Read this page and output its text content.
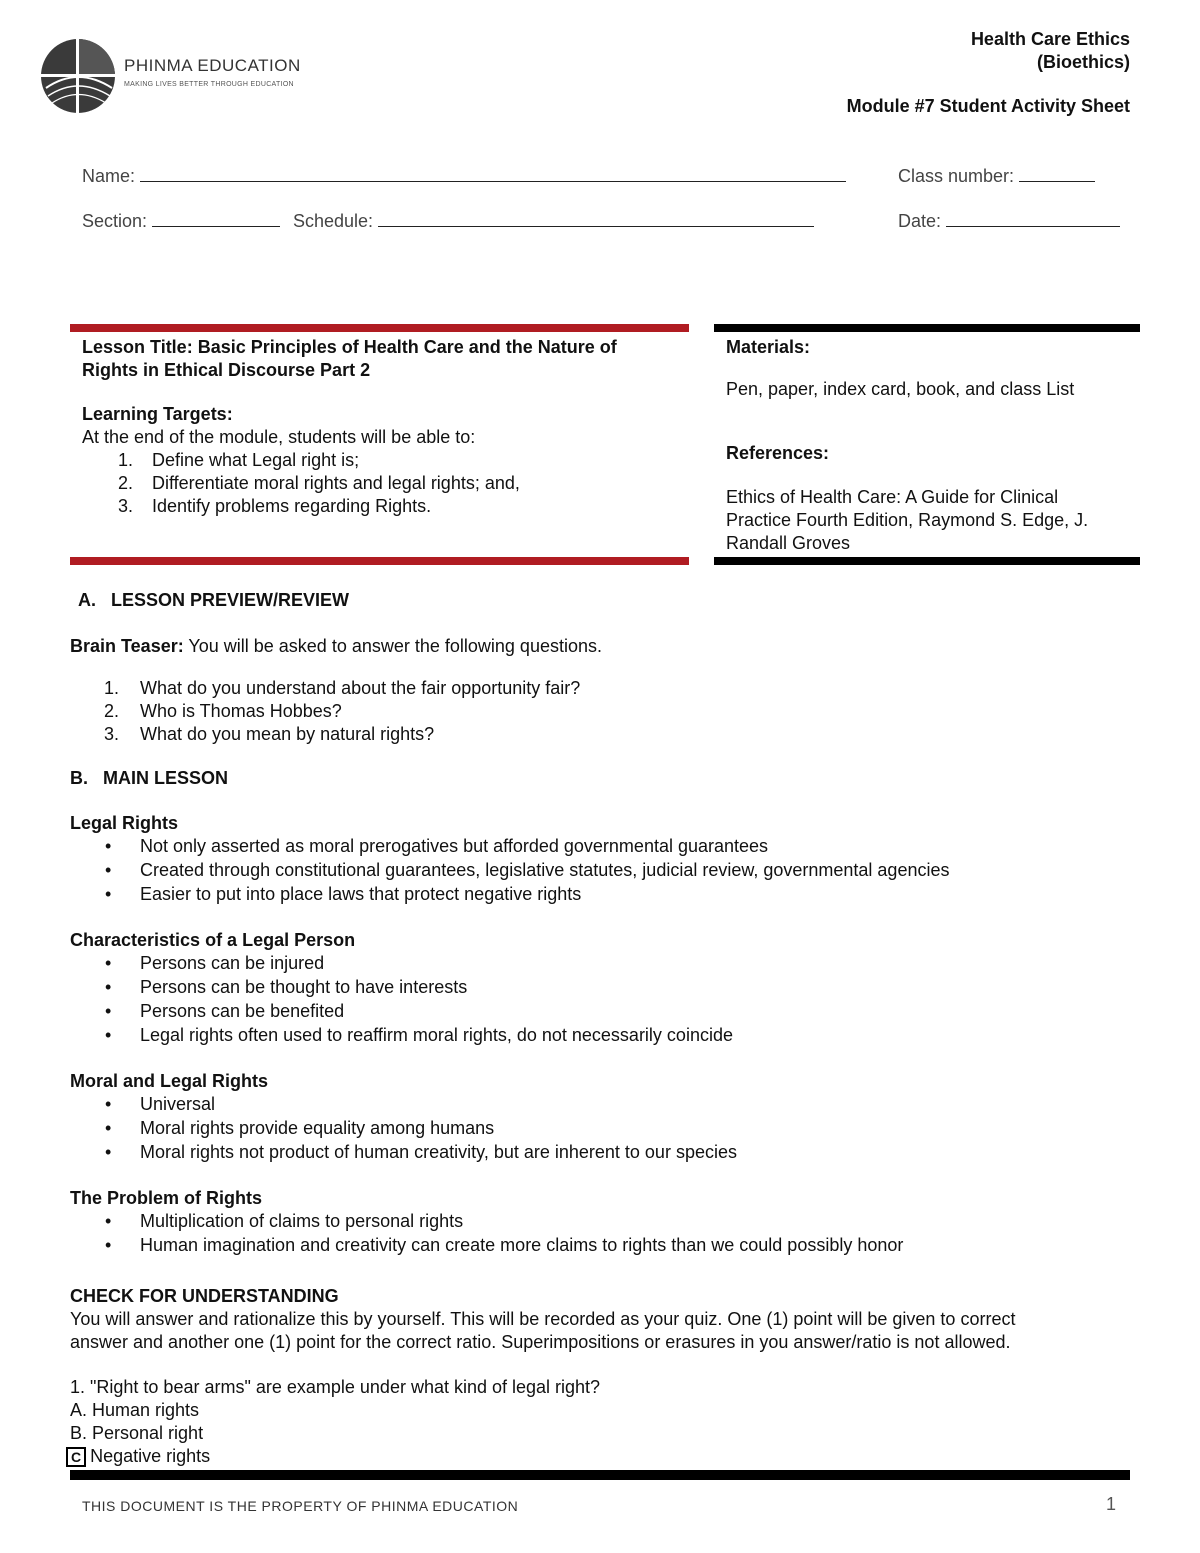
PHINMA EDUCATION
MAKING LIVES BETTER THROUGH EDUCATION
Health Care Ethics
(Bioethics)
Module #7 Student Activity Sheet
Name:	Class number:
Section:	Schedule:	Date:
Lesson Title: Basic Principles of Health Care and the Nature of
Rights in Ethical Discourse Part 2
Learning Targets:
At the end of the module, students will be able to:
1. Define what Legal right is;
2. Differentiate moral rights and legal rights; and,
3. Identify problems regarding Rights.
Materials:
Pen, paper, index card, book, and class List
References:
Ethics of Health Care: A Guide for Clinical
Practice Fourth Edition, Raymond S. Edge, J.
Randall Groves
A.   LESSON PREVIEW/REVIEW
Brain Teaser: You will be asked to answer the following questions.
1. What do you understand about the fair opportunity fair?
2. Who is Thomas Hobbes?
3. What do you mean by natural rights?
B.   MAIN LESSON
Legal Rights
• Not only asserted as moral prerogatives but afforded governmental guarantees
• Created through constitutional guarantees, legislative statutes, judicial review, governmental agencies
• Easier to put into place laws that protect negative rights
Characteristics of a Legal Person
• Persons can be injured
• Persons can be thought to have interests
• Persons can be benefited
• Legal rights often used to reaffirm moral rights, do not necessarily coincide
Moral and Legal Rights
• Universal
• Moral rights provide equality among humans
• Moral rights not product of human creativity, but are inherent to our species
The Problem of Rights
• Multiplication of claims to personal rights
• Human imagination and creativity can create more claims to rights than we could possibly honor
CHECK FOR UNDERSTANDING
You will answer and rationalize this by yourself. This will be recorded as your quiz. One (1) point will be given to correct
answer and another one (1) point for the correct ratio. Superimpositions or erasures in you answer/ratio is not allowed.
1. "Right to bear arms" are example under what kind of legal right?
A. Human rights
B. Personal right
C Negative rights
THIS DOCUMENT IS THE PROPERTY OF PHINMA EDUCATION	1
